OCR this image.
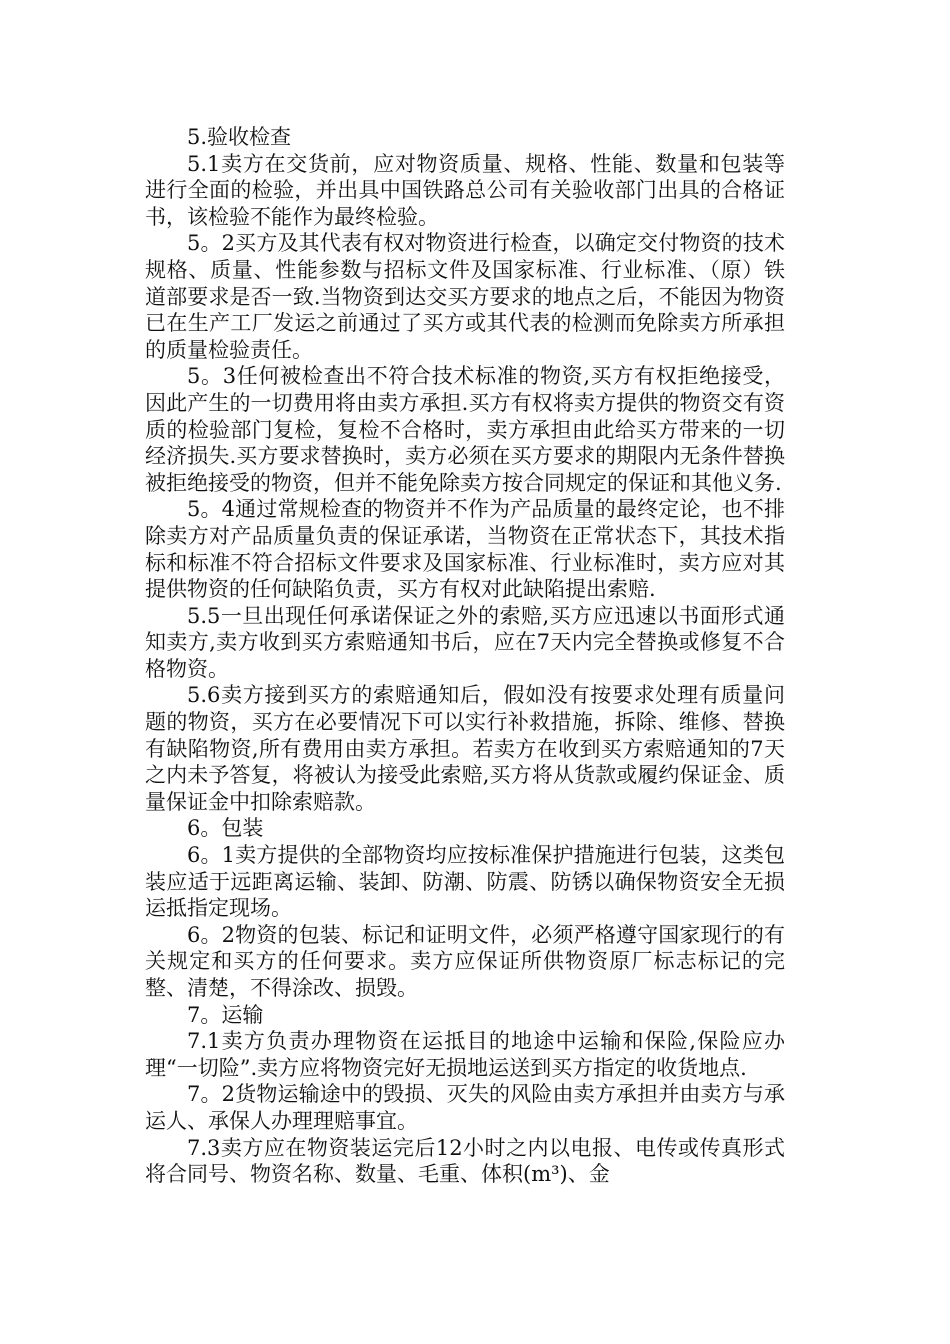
5.验收检查

5.1卖方在交货前，应对物资质量、规格、性能、数量和包装等进行全面的检验，并出具中国铁路总公司有关验收部门出具的合格证书，该检验不能作为最终检验。

5。2买方及其代表有权对物资进行检查，以确定交付物资的技术规格、质量、性能参数与招标文件及国家标准、行业标准、（原）铁道部要求是否一致.当物资到达交买方要求的地点之后，不能因为物资已在生产工厂发运之前通过了买方或其代表的检测而免除卖方所承担的质量检验责任。

5。3任何被检查出不符合技术标准的物资,买方有权拒绝接受，因此产生的一切费用将由卖方承担.买方有权将卖方提供的物资交有资质的检验部门复检，复检不合格时，卖方承担由此给买方带来的一切经济损失.买方要求替换时，卖方必须在买方要求的期限内无条件替换被拒绝接受的物资，但并不能免除卖方按合同规定的保证和其他义务.

5。4通过常规检查的物资并不作为产品质量的最终定论，也不排除卖方对产品质量负责的保证承诺，当物资在正常状态下，其技术指标和标准不符合招标文件要求及国家标准、行业标准时，卖方应对其提供物资的任何缺陷负责，买方有权对此缺陷提出索赔.

5.5一旦出现任何承诺保证之外的索赔,买方应迅速以书面形式通知卖方,卖方收到买方索赔通知书后，应在7天内完全替换或修复不合格物资。

5.6卖方接到买方的索赔通知后，假如没有按要求处理有质量问题的物资，买方在必要情况下可以实行补救措施，拆除、维修、替换有缺陷物资,所有费用由卖方承担。若卖方在收到买方索赔通知的7天之内未予答复，将被认为接受此索赔,买方将从货款或履约保证金、质量保证金中扣除索赔款。

6。包装

6。1卖方提供的全部物资均应按标准保护措施进行包装，这类包装应适于远距离运输、装卸、防潮、防震、防锈以确保物资安全无损运抵指定现场。

6。2物资的包装、标记和证明文件，必须严格遵守国家现行的有关规定和买方的任何要求。卖方应保证所供物资原厂标志标记的完整、清楚，不得涂改、损毁。

7。运输

7.1卖方负责办理物资在运抵目的地途中运输和保险,保险应办理“一切险”.卖方应将物资完好无损地运送到买方指定的收货地点.

7。2货物运输途中的毁损、灭失的风险由卖方承担并由卖方与承运人、承保人办理理赔事宜。

7.3卖方应在物资装运完后12小时之内以电报、电传或传真形式将合同号、物资名称、数量、毛重、体积(m³)、金
